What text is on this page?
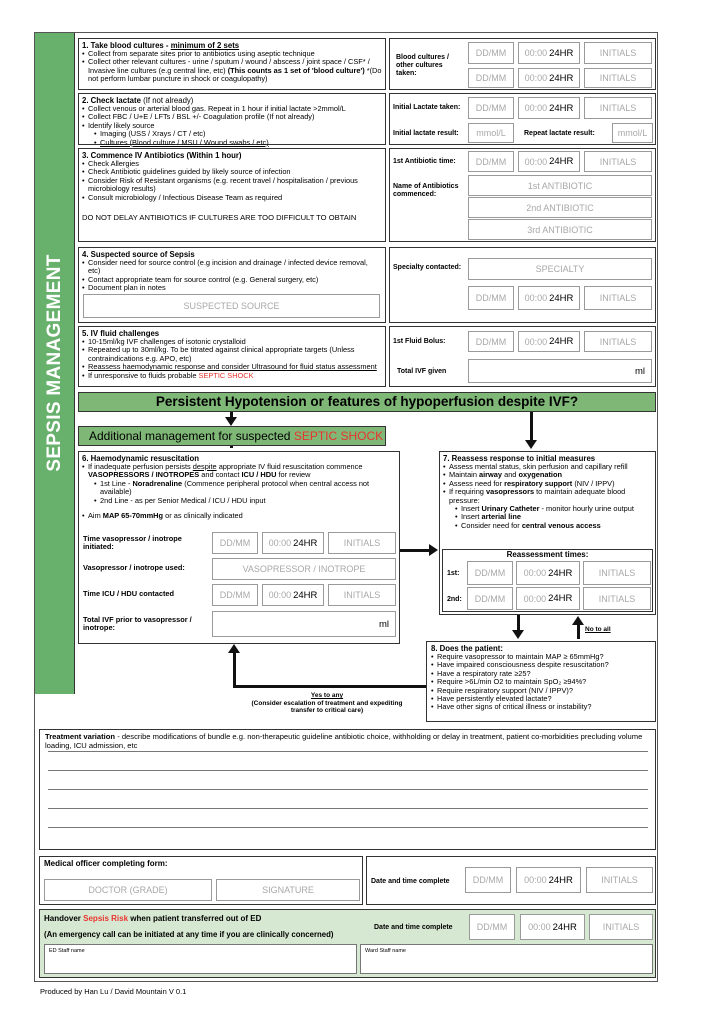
SEPSIS MANAGEMENT
1. Take blood cultures - minimum of 2 sets
• Collect from separate sites prior to antibiotics using aseptic technique
• Collect other relevant cultures - urine / sputum / wound / abscess / joint space / CSF* / Invasive line cultures (e.g central line, etc) (This counts as 1 set of 'blood culture') *(Do not perform lumbar puncture in shock or coagulopathy)
Blood cultures / other cultures taken:
DD/MM 00:00 24HR	INITIALS
DD/MM 00:00 24HR	INITIALS
2. Check lactate (If not already)
• Collect venous or arterial blood gas. Repeat in 1 hour if initial lactate >2mmol/L
• Collect FBC / U+E / LFTs / BSL +/- Coagulation profile (If not already)
• Identify likely source
• Imaging (USS / Xrays / CT / etc)
• Cultures (Blood culture / MSU / Wound swabs / etc)
Initial Lactate taken: DD/MM 00:00 24HR	INITIALS
Initial lactate result: mmol/L	Repeat lactate result:	mmol/L
3. Commence IV Antibiotics (Within 1 hour)
• Check Allergies
• Check Antibiotic guidelines guided by likely source of infection
• Consider Risk of Resistant organisms (e.g. recent travel / hospitalisation / previous microbiology results)
• Consult microbiology / Infectious Disease Team as required
DO NOT DELAY ANTIBIOTICS IF CULTURES ARE TOO DIFFICULT TO OBTAIN
1st Antibiotic time: DD/MM 00:00 24HR	INITIALS
Name of Antibiotics commenced:
1st ANTIBIOTIC
2nd ANTIBIOTIC
3rd ANTIBIOTIC
4. Suspected source of Sepsis
• Consider need for source control (e.g incision and drainage / infected device removal, etc)
• Contact appropriate team for source control (e.g. General surgery, etc)
• Document plan in notes
SUSPECTED SOURCE
Specialty contacted:	SPECIALTY
DD/MM 00:00 24HR	INITIALS
5. IV fluid challenges
• 10-15ml/kg IVF challenges of isotonic crystalloid
• Repeated up to 30ml/kg. To be titrated against clinical appropriate targets (Unless contraindications e.g. APO, etc)
• Reassess haemodynamic response and consider Ultrasound for fluid status assessment
• If unresponsive to fluids probable SEPTIC SHOCK
1st Fluid Bolus:	DD/MM 00:00 24HR	INITIALS
Total IVF given	ml
Persistent Hypotension or features of hypoperfusion despite IVF?
Additional management for suspected SEPTIC SHOCK
6. Haemodynamic resuscitation
• If inadequate perfusion persists despite appropriate IV fluid resuscitation commence VASOPRESSORS / INOTROPES and contact ICU / HDU for review
• 1st Line - Noradrenaline (Commence peripheral protocol when central access not available)
• 2nd Line - as per Senior Medical / ICU / HDU input
• Aim MAP 65-70mmHg or as clinically indicated
Time vasopressor / inotrope initiated:	DD/MM 00:00 24HR	INITIALS
Vasopressor / inotrope used:	VASOPRESSOR / INOTROPE
Time ICU / HDU contacted	DD/MM 00:00 24HR	INITIALS
Total IVF prior to vasopressor / inotrope:	ml
7. Reassess response to initial measures
• Assess mental status, skin perfusion and capillary refill
• Maintain airway and oxygenation
• Assess need for respiratory support (NIV / IPPV)
• If requiring vasopressors to maintain adequate blood pressure:
• Insert Urinary Catheter - monitor hourly urine output
• Insert arterial line
• Consider need for central venous access
Reassessment times:
1st: DD/MM 00:00 24HR	INITIALS
2nd: DD/MM 00:00 24HR	INITIALS
No to all
8. Does the patient:
• Require vasopressor to maintain MAP ≥ 65mmHg?
• Have impaired consciousness despite resuscitation?
• Have a respiratory rate ≥25?
• Require >6L/min O2 to maintain SpO₂ ≥94%?
• Require respiratory support (NIV / IPPV)?
• Have persistently elevated lactate?
• Have other signs of critical illness or instability?
Yes to any
(Consider escalation of treatment and expediting transfer to critical care)
Treatment variation - describe modifications of bundle e.g. non-therapeutic guideline antibiotic choice, withholding or delay in treatment, patient co-morbidities precluding volume loading, ICU admission, etc
Medical officer completing form:
DOCTOR (GRADE)	SIGNATURE
Date and time complete	DD/MM 00:00 24HR	INITIALS
Handover Sepsis Risk when patient transferred out of ED
(An emergency call can be initiated at any time if you are clinically concerned)
Date and time complete	DD/MM 00:00 24HR	INITIALS
ED Staff name	Ward Staff name
Produced by Han Lu / David Mountain V 0.1
